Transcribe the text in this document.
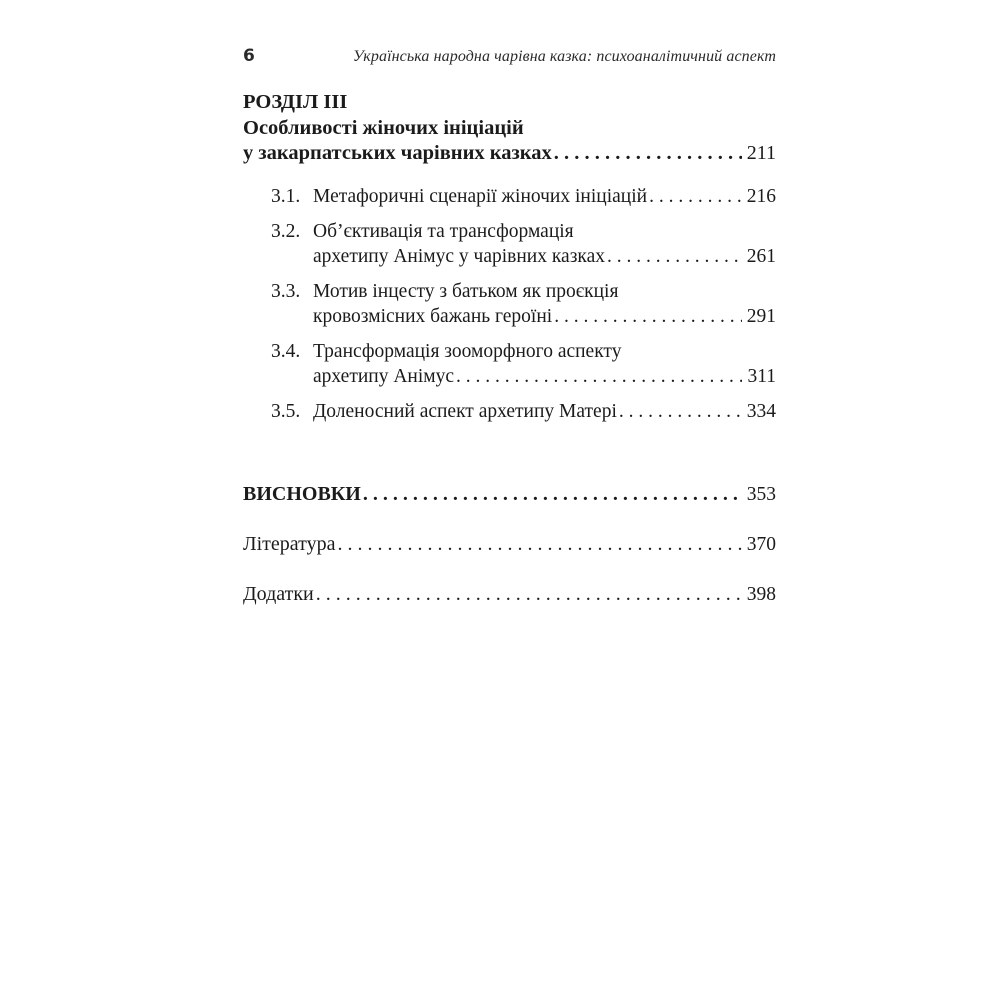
6	Українська народна чарівна казка: психоаналітичний аспект
РОЗДІЛ ІІІ
Особливості жіночих ініціацій
у закарпатських чарівних казках . . .	211
3.1. Метафоричні сценарії жіночих ініціацій . . .	216
3.2. Об’єктивація та трансформація
архетипу Анімус у чарівних казках . . .	261
3.3. Мотив інцесту з батьком як проєкція
кровозмісних бажань героїні . . .	291
3.4. Трансформація зооморфного аспекту
архетипу Анімус . . .	311
3.5. Доленосний аспект архетипу Матері . . .	334
ВИСНОВКИ . . .	353
Література . . .	370
Додатки . . .	398
